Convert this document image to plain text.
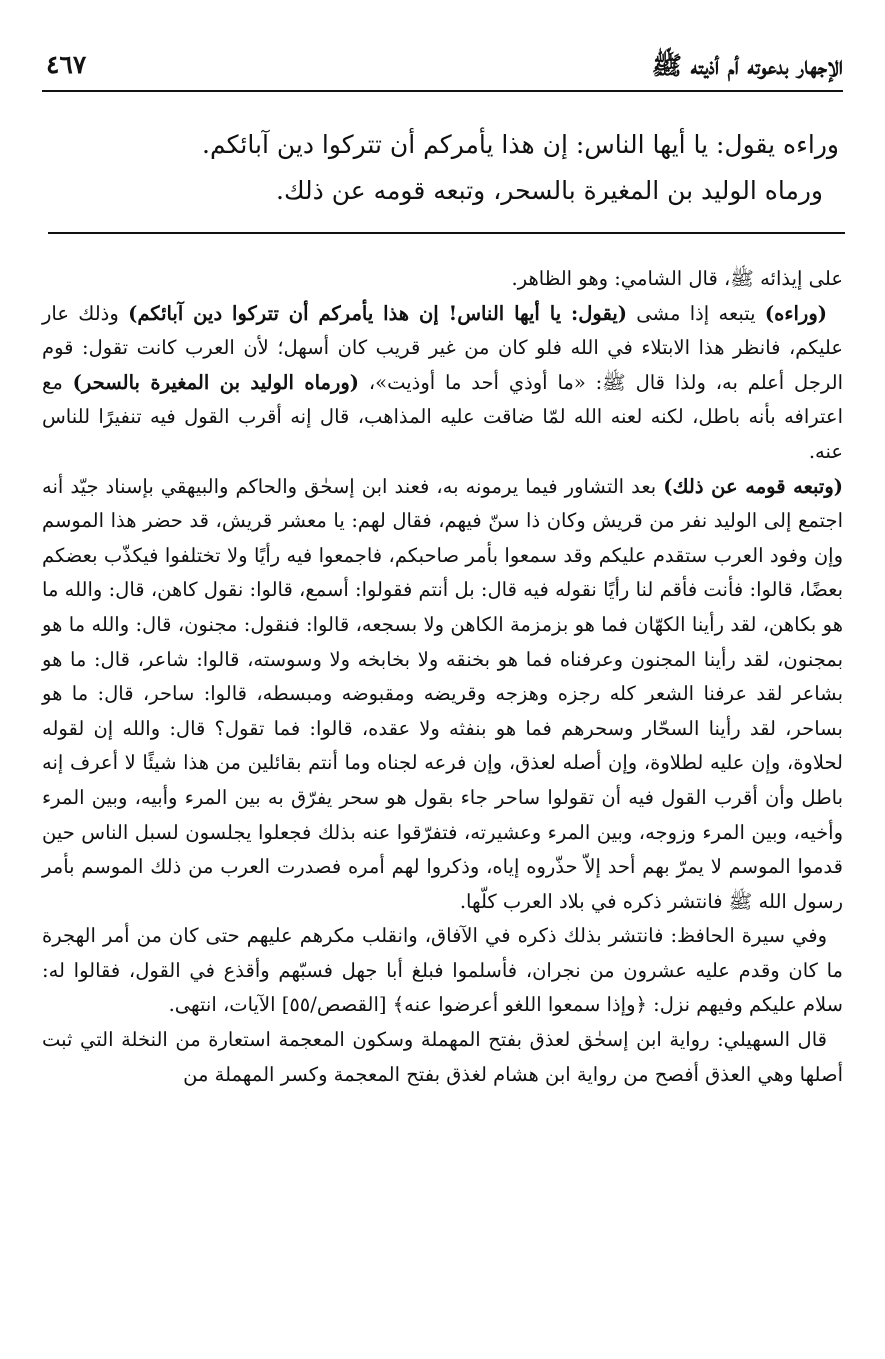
الإجهار بدعوته أم أذيته ﷺ
٤٦٧
وراءه يقول: يا أيها الناس: إن هذا يأمركم أن تتركوا دين آبائكم.
ورماه الوليد بن المغيرة بالسحر، وتبعه قومه عن ذلك.

على إيذائه ﷺ، قال الشامي: وهو الظاهر.

(وراءه) يتبعه إذا مشى (يقول: يا أيها الناس! إن هذا يأمركم أن تتركوا دين آبائكم) وذلك عار عليكم، فانظر هذا الابتلاء في الله فلو كان من غير قريب كان أسهل؛ لأن العرب كانت تقول: قوم الرجل أعلم به، ولذا قال ﷺ: «ما أوذي أحد ما أوذيت»، (ورماه الوليد بن المغيرة بالسحر) مع اعترافه بأنه باطل، لكنه لعنه الله لمّا ضاقت عليه المذاهب، قال إنه أقرب القول فيه تنفيرًا للناس عنه.

(وتبعه قومه عن ذلك) بعد التشاور فيما يرمونه به، فعند ابن إسحٰق والحاكم والبيهقي بإسناد جيّد أنه اجتمع إلى الوليد نفر من قريش وكان ذا سنّ فيهم، فقال لهم: يا معشر قريش، قد حضر هذا الموسم وإن وفود العرب ستقدم عليكم وقد سمعوا بأمر صاحبكم، فاجمعوا فيه رأيًا ولا تختلفوا فيكذّب بعضكم بعضًا، قالوا: فأنت فأقم لنا رأيًا نقوله فيه قال: بل أنتم فقولوا: أسمع، قالوا: نقول كاهن، قال: والله ما هو بكاهن، لقد رأينا الكهّان فما هو بزمزمة الكاهن ولا بسجعه، قالوا: فنقول: مجنون، قال: والله ما هو بمجنون، لقد رأينا المجنون وعرفناه فما هو بخنقه ولا بخابخه ولا وسوسته، قالوا: شاعر، قال: ما هو بشاعر لقد عرفنا الشعر كله رجزه وهزجه وقريضه ومقبوضه ومبسطه، قالوا: ساحر، قال: ما هو بساحر، لقد رأينا السحّار وسحرهم فما هو بنفثه ولا عقده، قالوا: فما تقول؟ قال: والله إن لقوله لحلاوة، وإن عليه لطلاوة، وإن أصله لعذق، وإن فرعه لجناه وما أنتم بقائلين من هذا شيئًا لا أعرف إنه باطل وأن أقرب القول فيه أن تقولوا ساحر جاء بقول هو سحر يفرّق به بين المرء وأبيه، وبين المرء وأخيه، وبين المرء وزوجه، وبين المرء وعشيرته، فتفرّقوا عنه بذلك فجعلوا يجلسون لسبل الناس حين قدموا الموسم لا يمرّ بهم أحد إلاّ حذّروه إياه، وذكروا لهم أمره فصدرت العرب من ذلك الموسم بأمر رسول الله ﷺ فانتشر ذكره في بلاد العرب كلّها.

وفي سيرة الحافظ: فانتشر بذلك ذكره في الآفاق، وانقلب مكرهم عليهم حتى كان من أمر الهجرة ما كان وقدم عليه عشرون من نجران، فأسلموا فبلغ أبا جهل فسبّهم وأقذع في القول، فقالوا له: سلام عليكم وفيهم نزل: ﴿وإذا سمعوا اللغو أعرضوا عنه﴾ [القصص/٥٥] الآيات، انتهى.

قال السهيلي: رواية ابن إسحٰق لعذق بفتح المهملة وسكون المعجمة استعارة من النخلة التي ثبت أصلها وهي العذق أفصح من رواية ابن هشام لغذق بفتح المعجمة وكسر المهملة من
